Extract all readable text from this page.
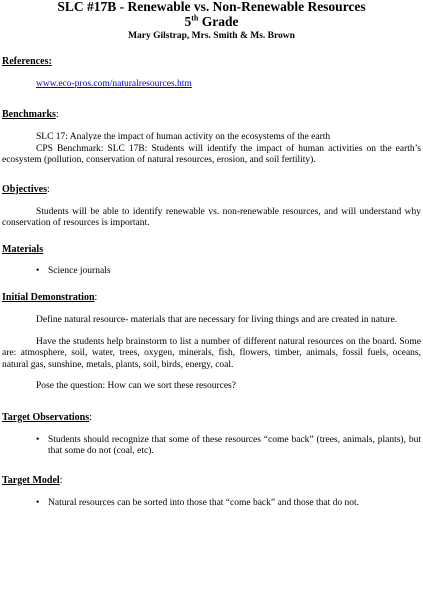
SLC #17B - Renewable vs. Non-Renewable Resources
5th Grade
Mary Gilstrap, Mrs. Smith & Ms. Brown
References:
www.eco-pros.com/naturalresources.htm
Benchmarks:

SLC 17: Analyze the impact of human activity on the ecosystems of the earth

CPS Benchmark: SLC 17B: Students will identify the impact of human activities on the earth’s ecosystem (pollution, conservation of natural resources, erosion, and soil fertility).

Objectives:

Students will be able to identify renewable vs. non-renewable resources, and will understand why conservation of resources is important.

Materials
• Science journals
Initial Demonstration:

Define natural resource- materials that are necessary for living things and are created in nature.

Have the students help brainstorm to list a number of different natural resources on the board. Some are: atmosphere, soil, water, trees, oxygen, minerals, fish, flowers, timber, animals, fossil fuels, oceans, natural gas, sunshine, metals, plants, soil, birds, energy, coal.

Pose the question: How can we sort these resources?

Target Observations:
• Students should recognize that some of these resources “come back” (trees, animals, plants), but that some do not (coal, etc).
Target Model:
• Natural resources can be sorted into those that “come back” and those that do not.
